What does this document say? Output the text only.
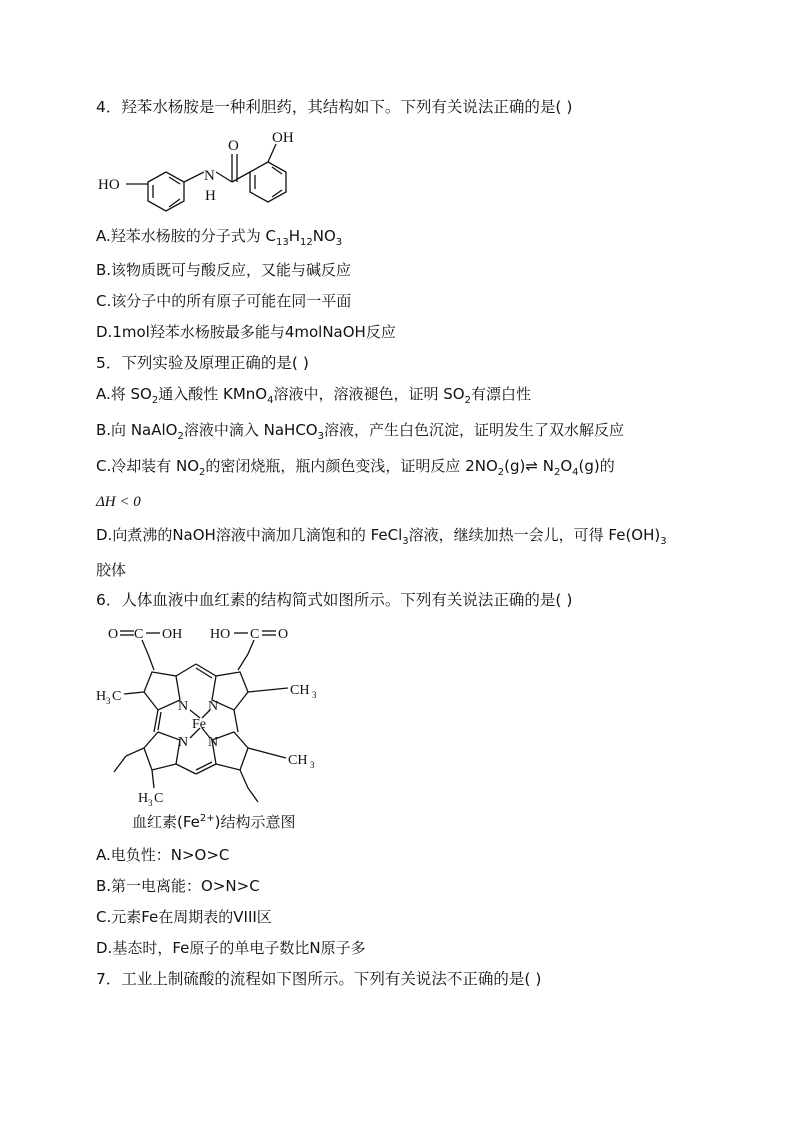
4．羟苯水杨胺是一种利胆药，其结构如下。下列有关说法正确的是( )
OH
O
HO
N
H
A.羟苯水杨胺的分子式为 $C_{13}H_{12}NO_3$
B.该物质既可与酸反应，又能与碱反应
C.该分子中的所有原子可能在同一平面
D.1mol羟苯水杨胺最多能与4molNaOH反应
5．下列实验及原理正确的是( )
A.将 $SO_2$通入酸性 KMnO$_4$溶液中，溶液褪色，证明 $SO_2$有漂白性
B.向 NaAlO$_2$溶液中滴入 NaHCO$_3$溶液，产生白色沉淀，证明发生了双水解反应
C.冷却装有 $NO_2$的密闭烧瓶，瓶内颜色变浅，证明反应 $2NO_2(g)\rightleftharpoons$ $N_2O_4(g)$的
ΔH < 0
D.向煮沸的NaOH溶液中滴加几滴饱和的 FeCl$_3$溶液，继续加热一会儿，可得 $Fe(OH)_3$
胶体
6．人体血液中血红素的结构简式如图所示。下列有关说法正确的是( )
O C OH HO C O
H 3 C	CH 3
CH 3
H 3 C
N N
N N
Fe
血红素$(Fe^{2+})$结构示意图
A.电负性：N>O>C
B.第一电离能：O>N>C
C.元素Fe在周期表的VIII区
D.基态时，Fe原子的单电子数比N原子多
7．工业上制硫酸的流程如下图所示。下列有关说法不正确的是( )
